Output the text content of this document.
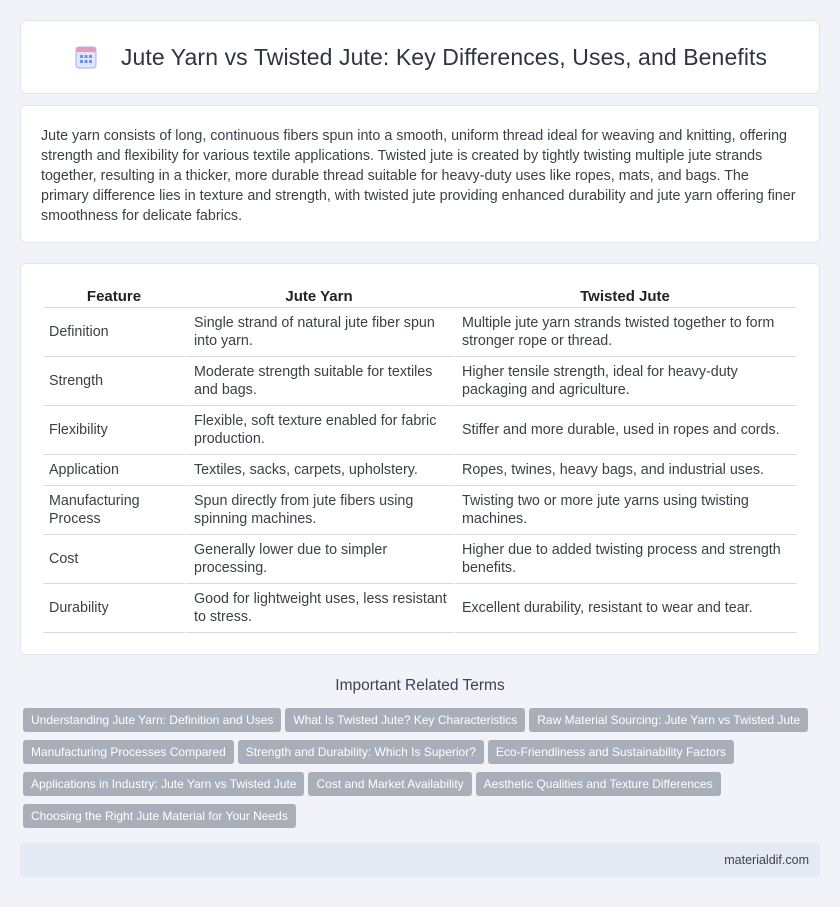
Jute Yarn vs Twisted Jute: Key Differences, Uses, and Benefits

Jute yarn consists of long, continuous fibers spun into a smooth, uniform thread ideal for weaving and knitting, offering strength and flexibility for various textile applications. Twisted jute is created by tightly twisting multiple jute strands together, resulting in a thicker, more durable thread suitable for heavy-duty uses like ropes, mats, and bags. The primary difference lies in texture and strength, with twisted jute providing enhanced durability and jute yarn offering finer smoothness for delicate fabrics.

Feature	Jute Yarn	Twisted Jute
Definition	Single strand of natural jute fiber spun into yarn.	Multiple jute yarn strands twisted together to form stronger rope or thread.
Strength	Moderate strength suitable for textiles and bags.	Higher tensile strength, ideal for heavy-duty packaging and agriculture.
Flexibility	Flexible, soft texture enabled for fabric production.	Stiffer and more durable, used in ropes and cords.
Application	Textiles, sacks, carpets, upholstery.	Ropes, twines, heavy bags, and industrial uses.
Manufacturing Process	Spun directly from jute fibers using spinning machines.	Twisting two or more jute yarns using twisting machines.
Cost	Generally lower due to simpler processing.	Higher due to added twisting process and strength benefits.
Durability	Good for lightweight uses, less resistant to stress.	Excellent durability, resistant to wear and tear.
Important Related Terms
Understanding Jute Yarn: Definition and Uses What Is Twisted Jute? Key Characteristics Raw Material Sourcing: Jute Yarn vs Twisted Jute
Manufacturing Processes Compared Strength and Durability: Which Is Superior? Eco-Friendliness and Sustainability Factors
Applications in Industry: Jute Yarn vs Twisted Jute Cost and Market Availability Aesthetic Qualities and Texture Differences
Choosing the Right Jute Material for Your Needs
materialdif.com
